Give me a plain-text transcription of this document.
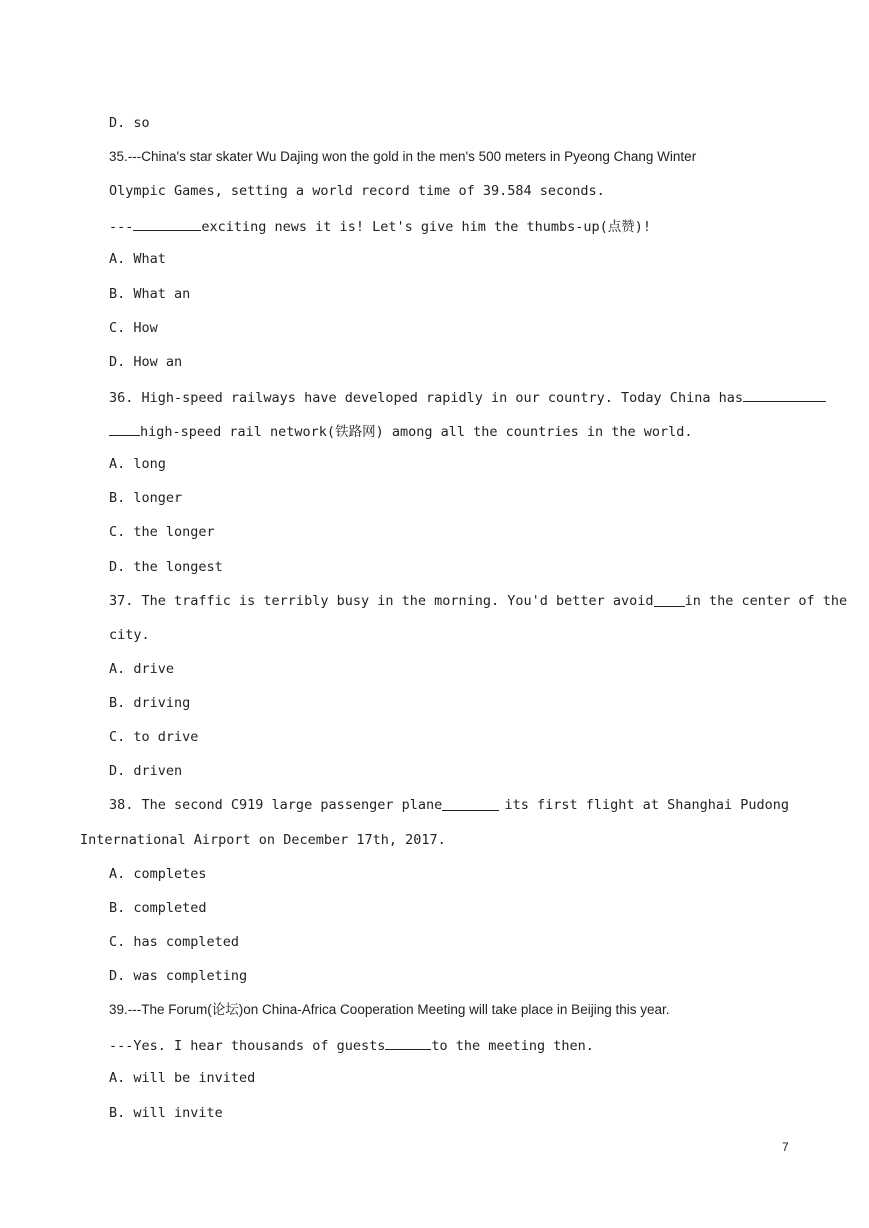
D. so
35.---China's star skater Wu Dajing won the gold in the men's 500 meters in Pyeong Chang Winter
Olympic Games, setting a world record time of 39.584 seconds.
---	exciting news it is! Let's give him the thumbs-up(点赞)!
A. What
B. What an
C. How
D. How an
36. High-speed railways have developed rapidly in our country. Today China has
high-speed rail network(铁路网) among all the countries in the world.
A. long
B. longer
C. the longer
D. the longest
37. The traffic is terribly busy in the morning. You'd better avoid in the center of the
city.
A. drive
B. driving
C. to drive
D. driven
38. The second C919 large passenger plane	its first flight at Shanghai Pudong
International Airport on December 17th, 2017.
A. completes
B. completed
C. has completed
D. was completing
39.---The Forum(论坛)on China-Africa Cooperation Meeting will take place in Beijing this year.
---Yes. I hear thousands of guests	to the meeting then.
A. will be invited
B. will invite
7
